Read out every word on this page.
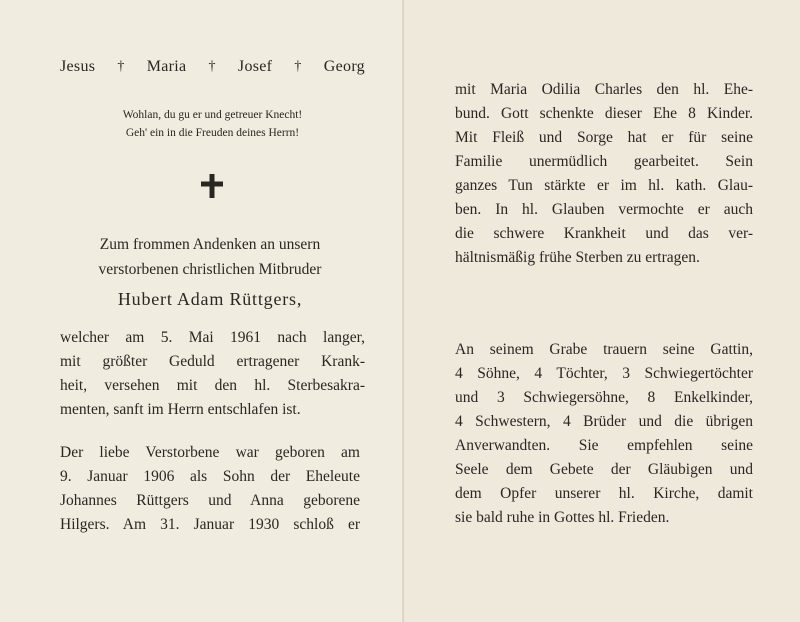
Jesus † Maria † Josef † Georg
Wohlan, du gu er und getreuer Knecht!
Geh' ein in die Freuden deines Herrn!
Zum frommen Andenken an unsern
verstorbenen christlichen Mitbruder
Hubert Adam Rüttgers,
welcher am 5. Mai 1961 nach langer,
mit größter Geduld ertragener Krank-
heit, versehen mit den hl. Sterbesakra-
menten, sanft im Herrn entschlafen ist.
Der liebe Verstorbene war geboren am
9. Januar 1906 als Sohn der Eheleute
Johannes Rüttgers und Anna geborene
Hilgers. Am 31. Januar 1930 schloß er
mit Maria Odilia Charles den hl. Ehe-
bund. Gott schenkte dieser Ehe 8 Kinder.
Mit Fleiß und Sorge hat er für seine
Familie unermüdlich gearbeitet. Sein
ganzes Tun stärkte er im hl. kath. Glau-
ben. In hl. Glauben vermochte er auch
die schwere Krankheit und das ver-
hältnismäßig frühe Sterben zu ertragen.
An seinem Grabe trauern seine Gattin,
4 Söhne, 4 Töchter, 3 Schwiegertöchter
und 3 Schwiegersöhne, 8 Enkelkinder,
4 Schwestern, 4 Brüder und die übrigen
Anverwandten. Sie empfehlen seine
Seele dem Gebete der Gläubigen und
dem Opfer unserer hl. Kirche, damit
sie bald ruhe in Gottes hl. Frieden.
